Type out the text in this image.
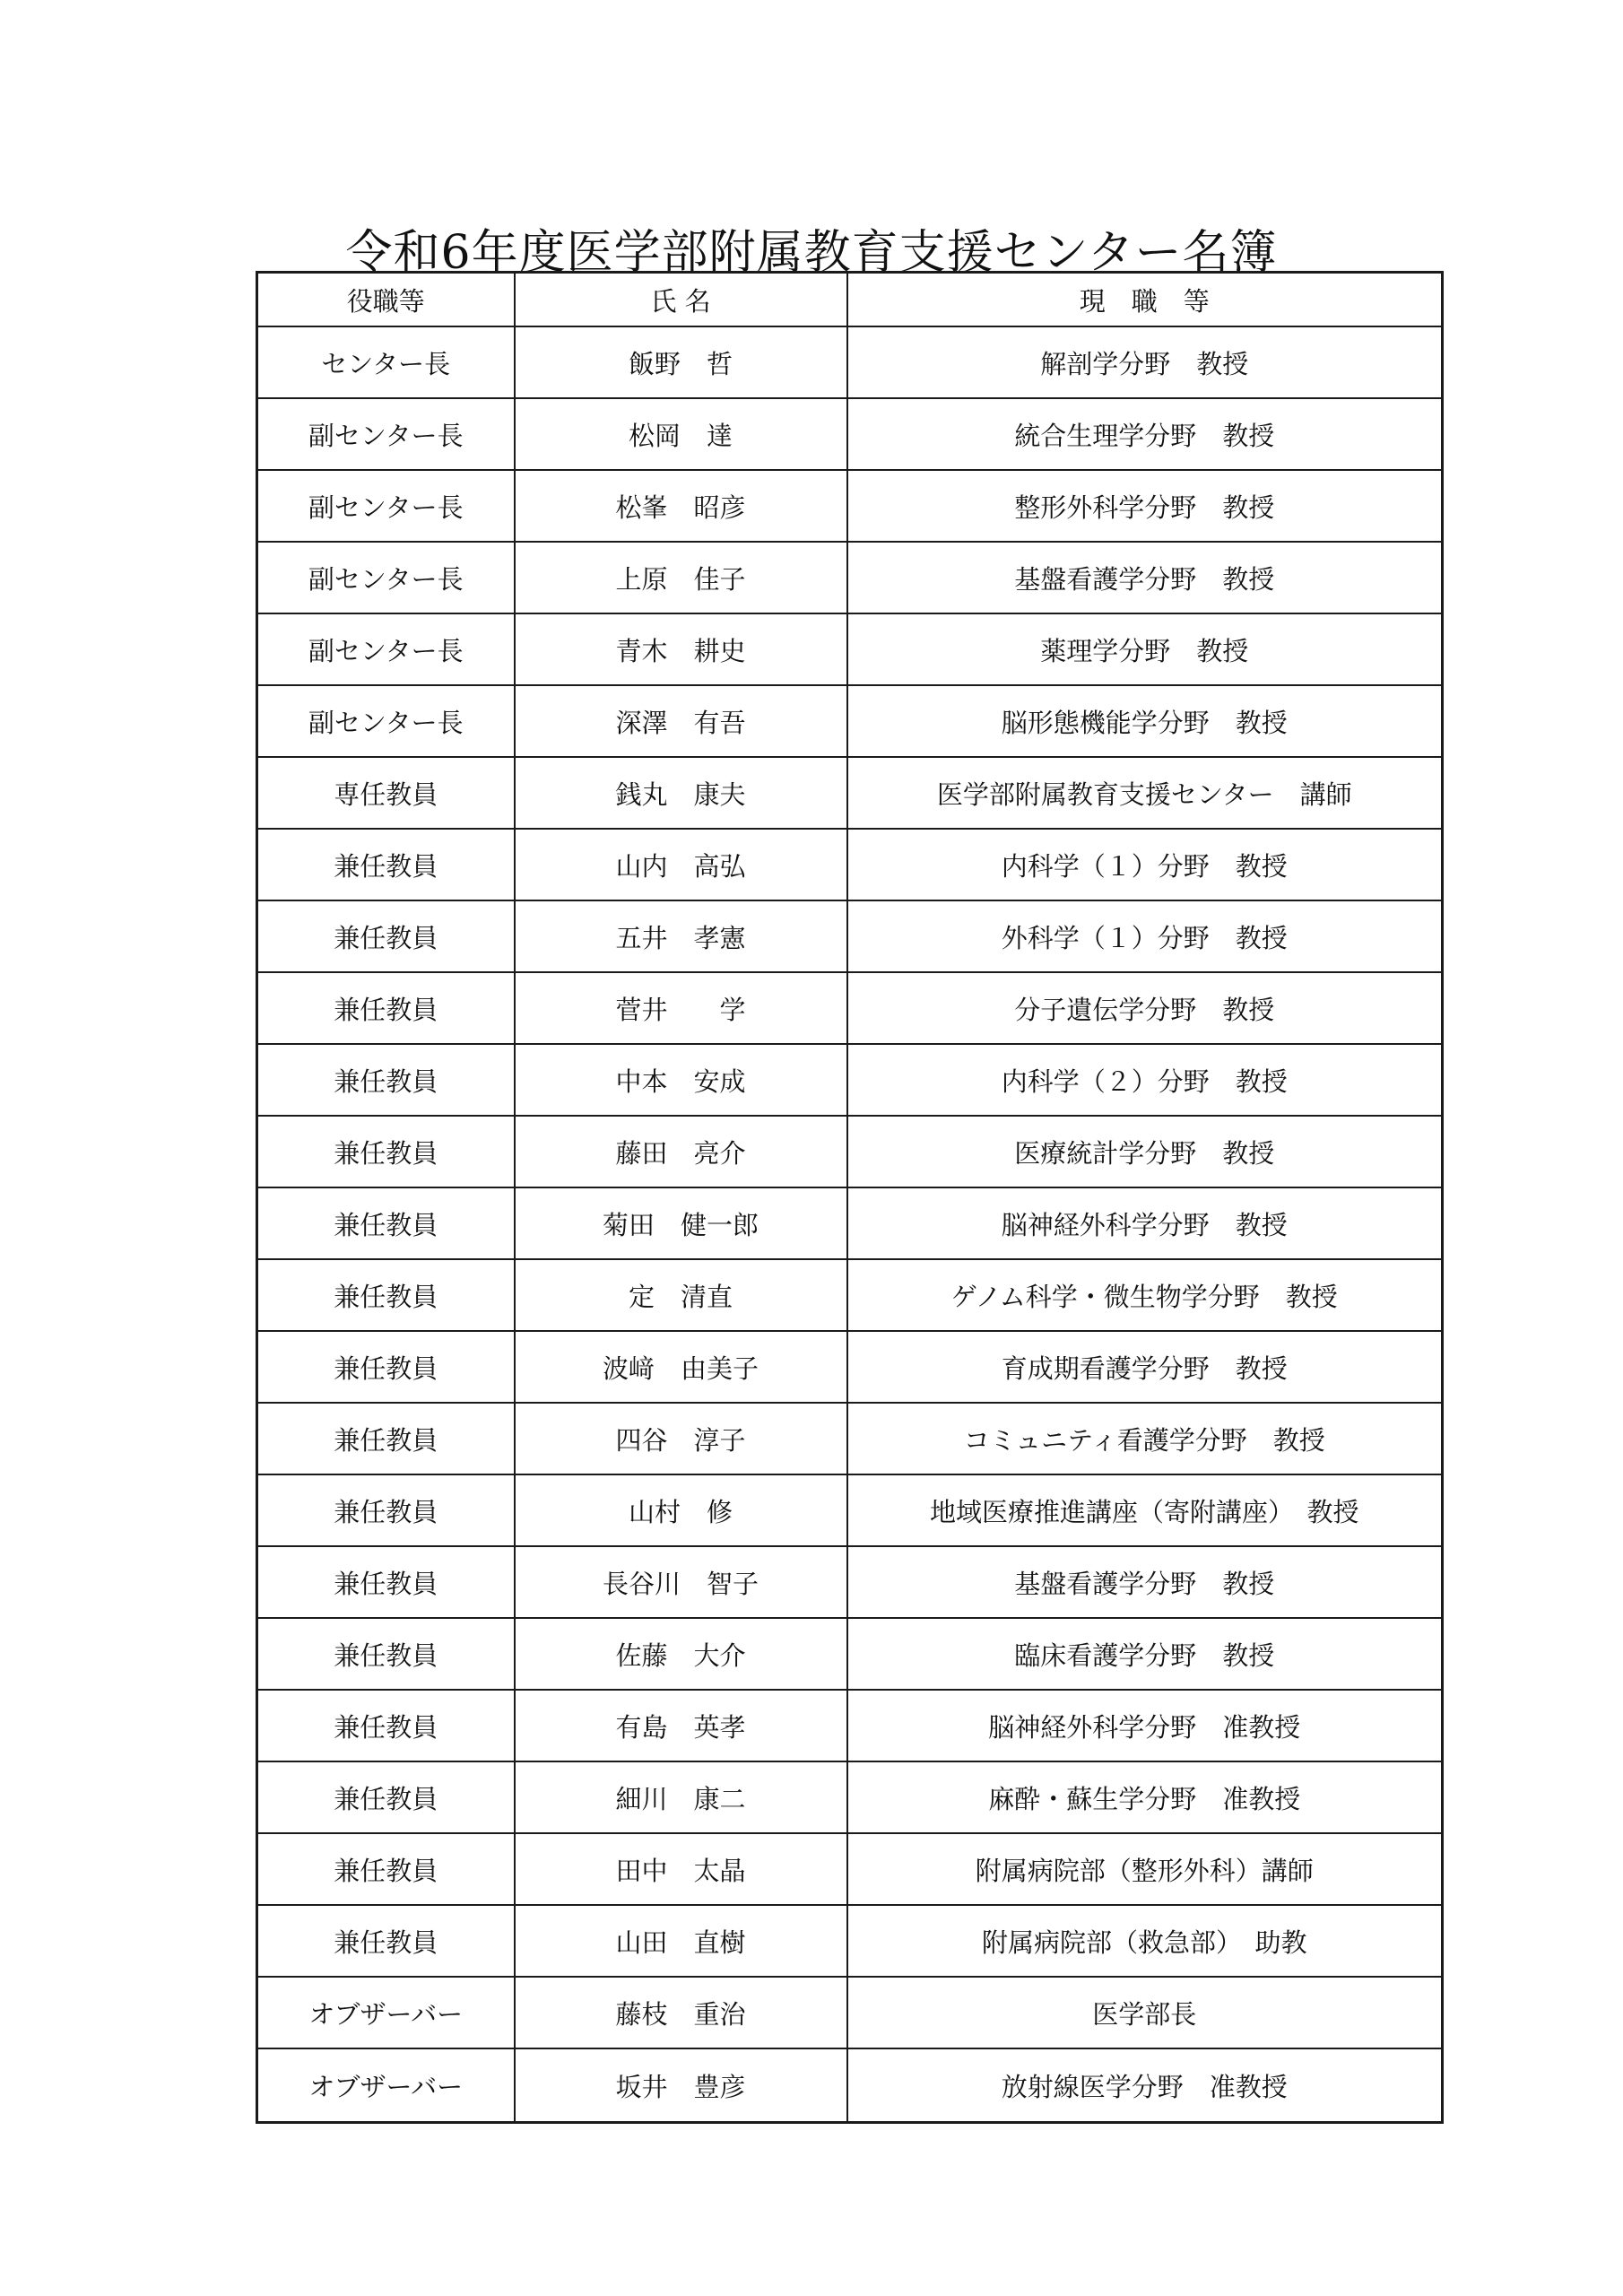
令和6年度医学部附属教育支援センター名簿
役職等	氏 名	現　職　等
センター長	飯野　哲	解剖学分野　教授
副センター長	松岡　達	統合生理学分野　教授
副センター長	松峯　昭彦	整形外科学分野　教授
副センター長	上原　佳子	基盤看護学分野　教授
副センター長	青木　耕史	薬理学分野　教授
副センター長	深澤　有吾	脳形態機能学分野　教授
専任教員	銭丸　康夫	医学部附属教育支援センター　講師
兼任教員	山内　高弘	内科学（１）分野　教授
兼任教員	五井　孝憲	外科学（１）分野　教授
兼任教員	菅井　　学	分子遺伝学分野　教授
兼任教員	中本　安成	内科学（２）分野　教授
兼任教員	藤田　亮介	医療統計学分野　教授
兼任教員	菊田　健一郎	脳神経外科学分野　教授
兼任教員	定　清直	ゲノム科学・微生物学分野　教授
兼任教員	波﨑　由美子	育成期看護学分野　教授
兼任教員	四谷　淳子	コミュニティ看護学分野　教授
兼任教員	山村　修	地域医療推進講座（寄附講座）　教授
兼任教員	長谷川　智子	基盤看護学分野　教授
兼任教員	佐藤　大介	臨床看護学分野　教授
兼任教員	有島　英孝	脳神経外科学分野　准教授
兼任教員	細川　康二	麻酔・蘇生学分野　准教授
兼任教員	田中　太晶	附属病院部（整形外科）講師
兼任教員	山田　直樹	附属病院部（救急部）　助教
オブザーバー	藤枝　重治	医学部長
オブザーバー	坂井　豊彦	放射線医学分野　准教授
